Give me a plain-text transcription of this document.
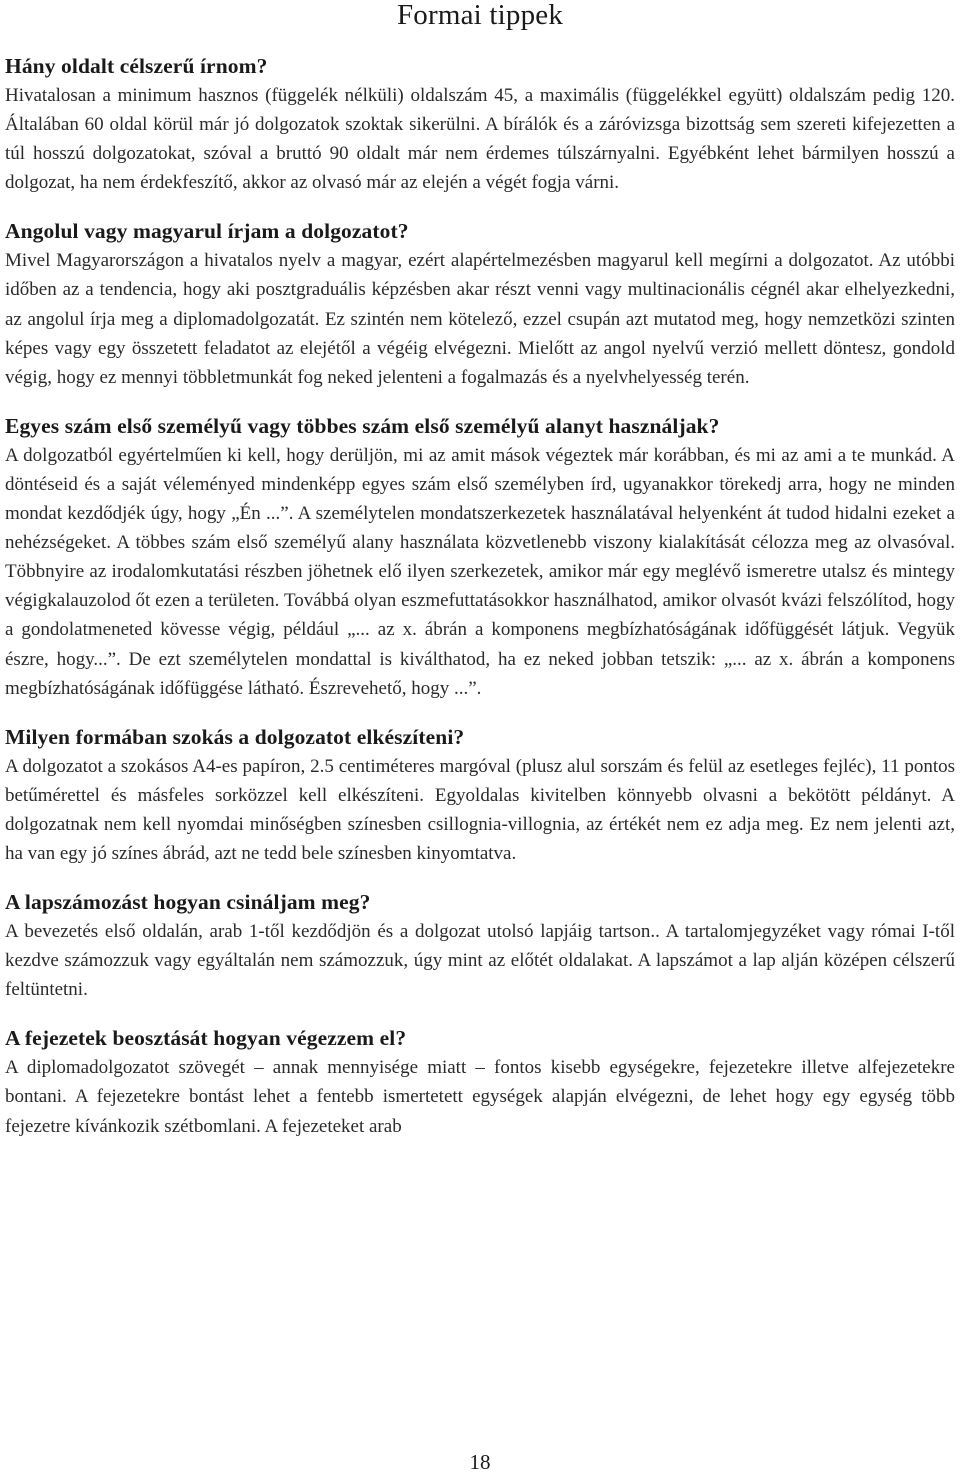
Formai tippek
Hány oldalt célszerű írnom?

Hivatalosan a minimum hasznos (függelék nélküli) oldalszám 45, a maximális (függelékkel együtt) oldalszám pedig 120. Általában 60 oldal körül már jó dolgozatok szoktak sikerülni. A bírálók és a záróvizsga bizottság sem szereti kifejezetten a túl hosszú dolgozatokat, szóval a bruttó 90 oldalt már nem érdemes túlszárnyalni. Egyébként lehet bármilyen hosszú a dolgozat, ha nem érdekfeszítő, akkor az olvasó már az elején a végét fogja várni.

Angolul vagy magyarul írjam a dolgozatot?

Mivel Magyarországon a hivatalos nyelv a magyar, ezért alapértelmezésben magyarul kell megírni a dolgozatot. Az utóbbi időben az a tendencia, hogy aki posztgraduális képzésben akar részt venni vagy multinacionális cégnél akar elhelyezkedni, az angolul írja meg a diplomadolgozatát. Ez szintén nem kötelező, ezzel csupán azt mutatod meg, hogy nemzetközi szinten képes vagy egy összetett feladatot az elejétől a végéig elvégezni. Mielőtt az angol nyelvű verzió mellett döntesz, gondold végig, hogy ez mennyi többletmunkát fog neked jelenteni a fogalmazás és a nyelvhelyesség terén.

Egyes szám első személyű vagy többes szám első személyű alanyt használjak?

A dolgozatból egyértelműen ki kell, hogy derüljön, mi az amit mások végeztek már korábban, és mi az ami a te munkád. A döntéseid és a saját véleményed mindenképp egyes szám első személyben írd, ugyanakkor törekedj arra, hogy ne minden mondat kezdődjék úgy, hogy „Én ...”. A személytelen mondatszerkezetek használatával helyenként át tudod hidalni ezeket a nehézségeket. A többes szám első személyű alany használata közvetlenebb viszony kialakítását célozza meg az olvasóval. Többnyire az irodalomkutatási részben jöhetnek elő ilyen szerkezetek, amikor már egy meglévő ismeretre utalsz és mintegy végigkalauzolod őt ezen a területen. Továbbá olyan eszmefuttatásokkor használhatod, amikor olvasót kvázi felszólítod, hogy a gondolatmeneted kövesse végig, például „... az x. ábrán a komponens megbízhatóságának időfüggését látjuk. Vegyük észre, hogy...”. De ezt személytelen mondattal is kiválthatod, ha ez neked jobban tetszik: „... az x. ábrán a komponens megbízhatóságának időfüggése látható. Észrevehető, hogy ...”.

Milyen formában szokás a dolgozatot elkészíteni?

A dolgozatot a szokásos A4-es papíron, 2.5 centiméteres margóval (plusz alul sorszám és felül az esetleges fejléc), 11 pontos betűmérettel és másfeles sorközzel kell elkészíteni. Egyoldalas kivitelben könnyebb olvasni a bekötött példányt. A dolgozatnak nem kell nyomdai minőségben színesben csillognia-villognia, az értékét nem ez adja meg. Ez nem jelenti azt, ha van egy jó színes ábrád, azt ne tedd bele színesben kinyomtatva.

A lapszámozást hogyan csináljam meg?

A bevezetés első oldalán, arab 1-től kezdődjön és a dolgozat utolsó lapjáig tartson.. A tartalomjegyzéket vagy római I-től kezdve számozzuk vagy egyáltalán nem számozzuk, úgy mint az előtét oldalakat. A lapszámot a lap alján középen célszerű feltüntetni.

A fejezetek beosztását hogyan végezzem el?

A diplomadolgozatot szövegét – annak mennyisége miatt – fontos kisebb egységekre, fejezetekre illetve alfejezetekre bontani. A fejezetekre bontást lehet a fentebb ismertetett egységek alapján elvégezni, de lehet hogy egy egység több fejezetre kívánkozik szétbomlani. A fejezeteket arab

18
